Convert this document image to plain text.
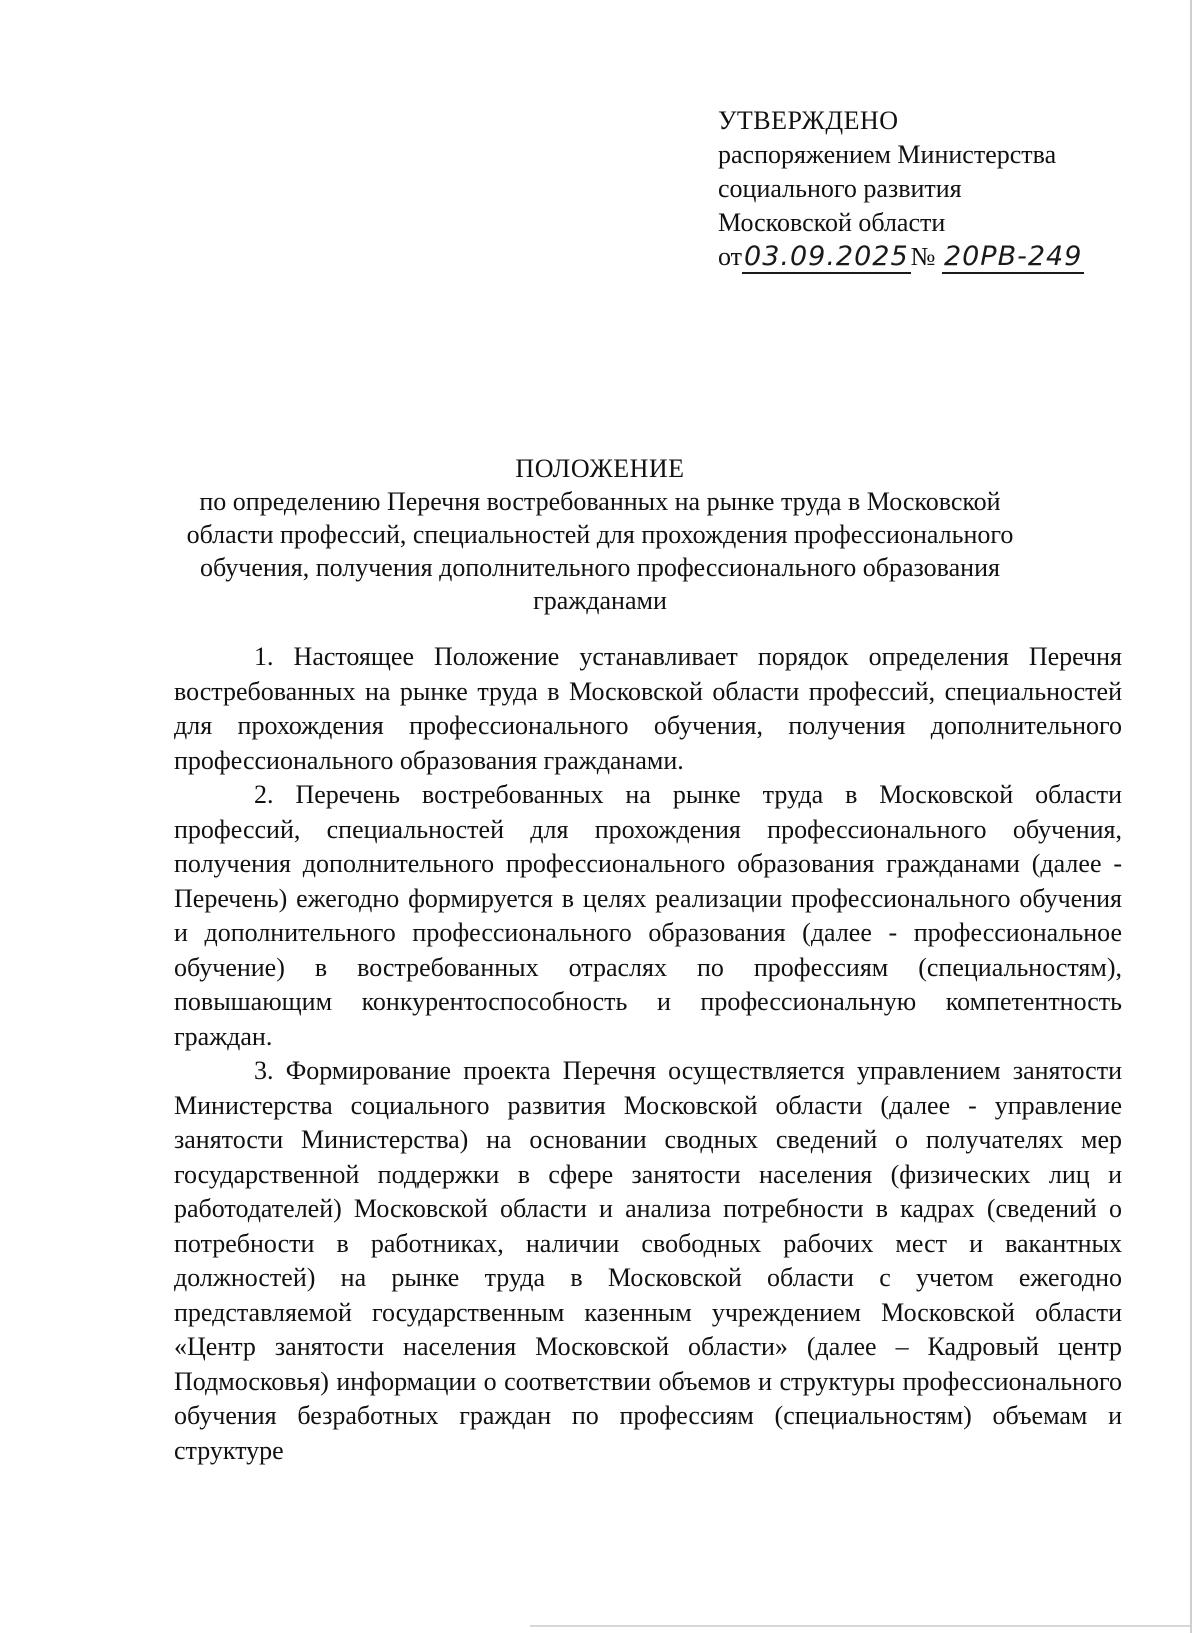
УТВЕРЖДЕНО
распоряжением Министерства
социального развития
Московской области
от03.09.2025№ 20РВ-249
ПОЛОЖЕНИЕ
по определению Перечня востребованных на рынке труда в Московской области профессий, специальностей для прохождения профессионального обучения, получения дополнительного профессионального образования гражданами

1. Настоящее Положение устанавливает порядок определения Перечня востребованных на рынке труда в Московской области профессий, специальностей для прохождения профессионального обучения, получения дополнительного профессионального образования гражданами.

2. Перечень востребованных на рынке труда в Московской области профессий, специальностей для прохождения профессионального обучения, получения дополнительного профессионального образования гражданами (далее - Перечень) ежегодно формируется в целях реализации профессионального обучения и дополнительного профессионального образования (далее - профессиональное обучение) в востребованных отраслях по профессиям (специальностям), повышающим конкурентоспособность и профессиональную компетентность граждан.

3. Формирование проекта Перечня осуществляется управлением занятости Министерства социального развития Московской области (далее - управление занятости Министерства) на основании сводных сведений о получателях мер государственной поддержки в сфере занятости населения (физических лиц и работодателей) Московской области и анализа потребности в кадрах (сведений о потребности в работниках, наличии свободных рабочих мест и вакантных должностей) на рынке труда в Московской области с учетом ежегодно представляемой государственным казенным учреждением Московской области «Центр занятости населения Московской области» (далее – Кадровый центр Подмосковья) информации о соответствии объемов и структуры профессионального обучения безработных граждан по профессиям (специальностям) объемам и структуре
